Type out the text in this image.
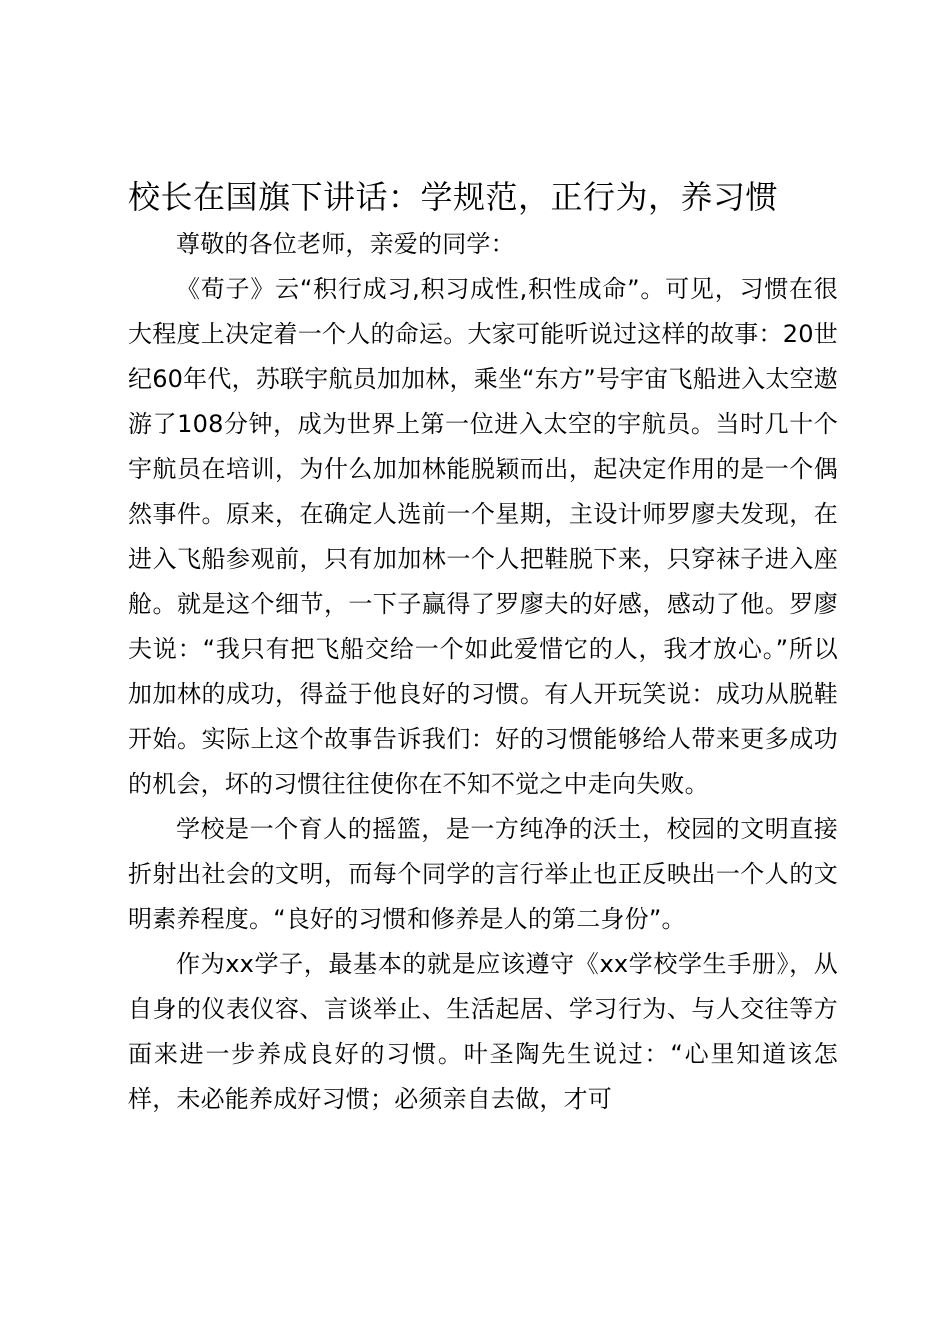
校长在国旗下讲话：学规范，正行为，养习惯

尊敬的各位老师，亲爱的同学：

《荀子》云“积行成习,积习成性,积性成命”。可见，习惯在很大程度上决定着一个人的命运。大家可能听说过这样的故事：20世纪60年代，苏联宇航员加加林，乘坐“东方”号宇宙飞船进入太空遨游了108分钟，成为世界上第一位进入太空的宇航员。当时几十个宇航员在培训，为什么加加林能脱颖而出，起决定作用的是一个偶然事件。原来，在确定人选前一个星期，主设计师罗廖夫发现，在进入飞船参观前，只有加加林一个人把鞋脱下来，只穿袜子进入座舱。就是这个细节，一下子赢得了罗廖夫的好感，感动了他。罗廖夫说：“我只有把飞船交给一个如此爱惜它的人，我才放心。”所以加加林的成功，得益于他良好的习惯。有人开玩笑说：成功从脱鞋开始。实际上这个故事告诉我们：好的习惯能够给人带来更多成功的机会，坏的习惯往往使你在不知不觉之中走向失败。

学校是一个育人的摇篮，是一方纯净的沃土，校园的文明直接折射出社会的文明，而每个同学的言行举止也正反映出一个人的文明素养程度。“良好的习惯和修养是人的第二身份”。

作为xx学子，最基本的就是应该遵守《xx学校学生手册》，从自身的仪表仪容、言谈举止、生活起居、学习行为、与人交往等方面来进一步养成良好的习惯。叶圣陶先生说过：“心里知道该怎样，未必能养成好习惯；必须亲自去做，才可
